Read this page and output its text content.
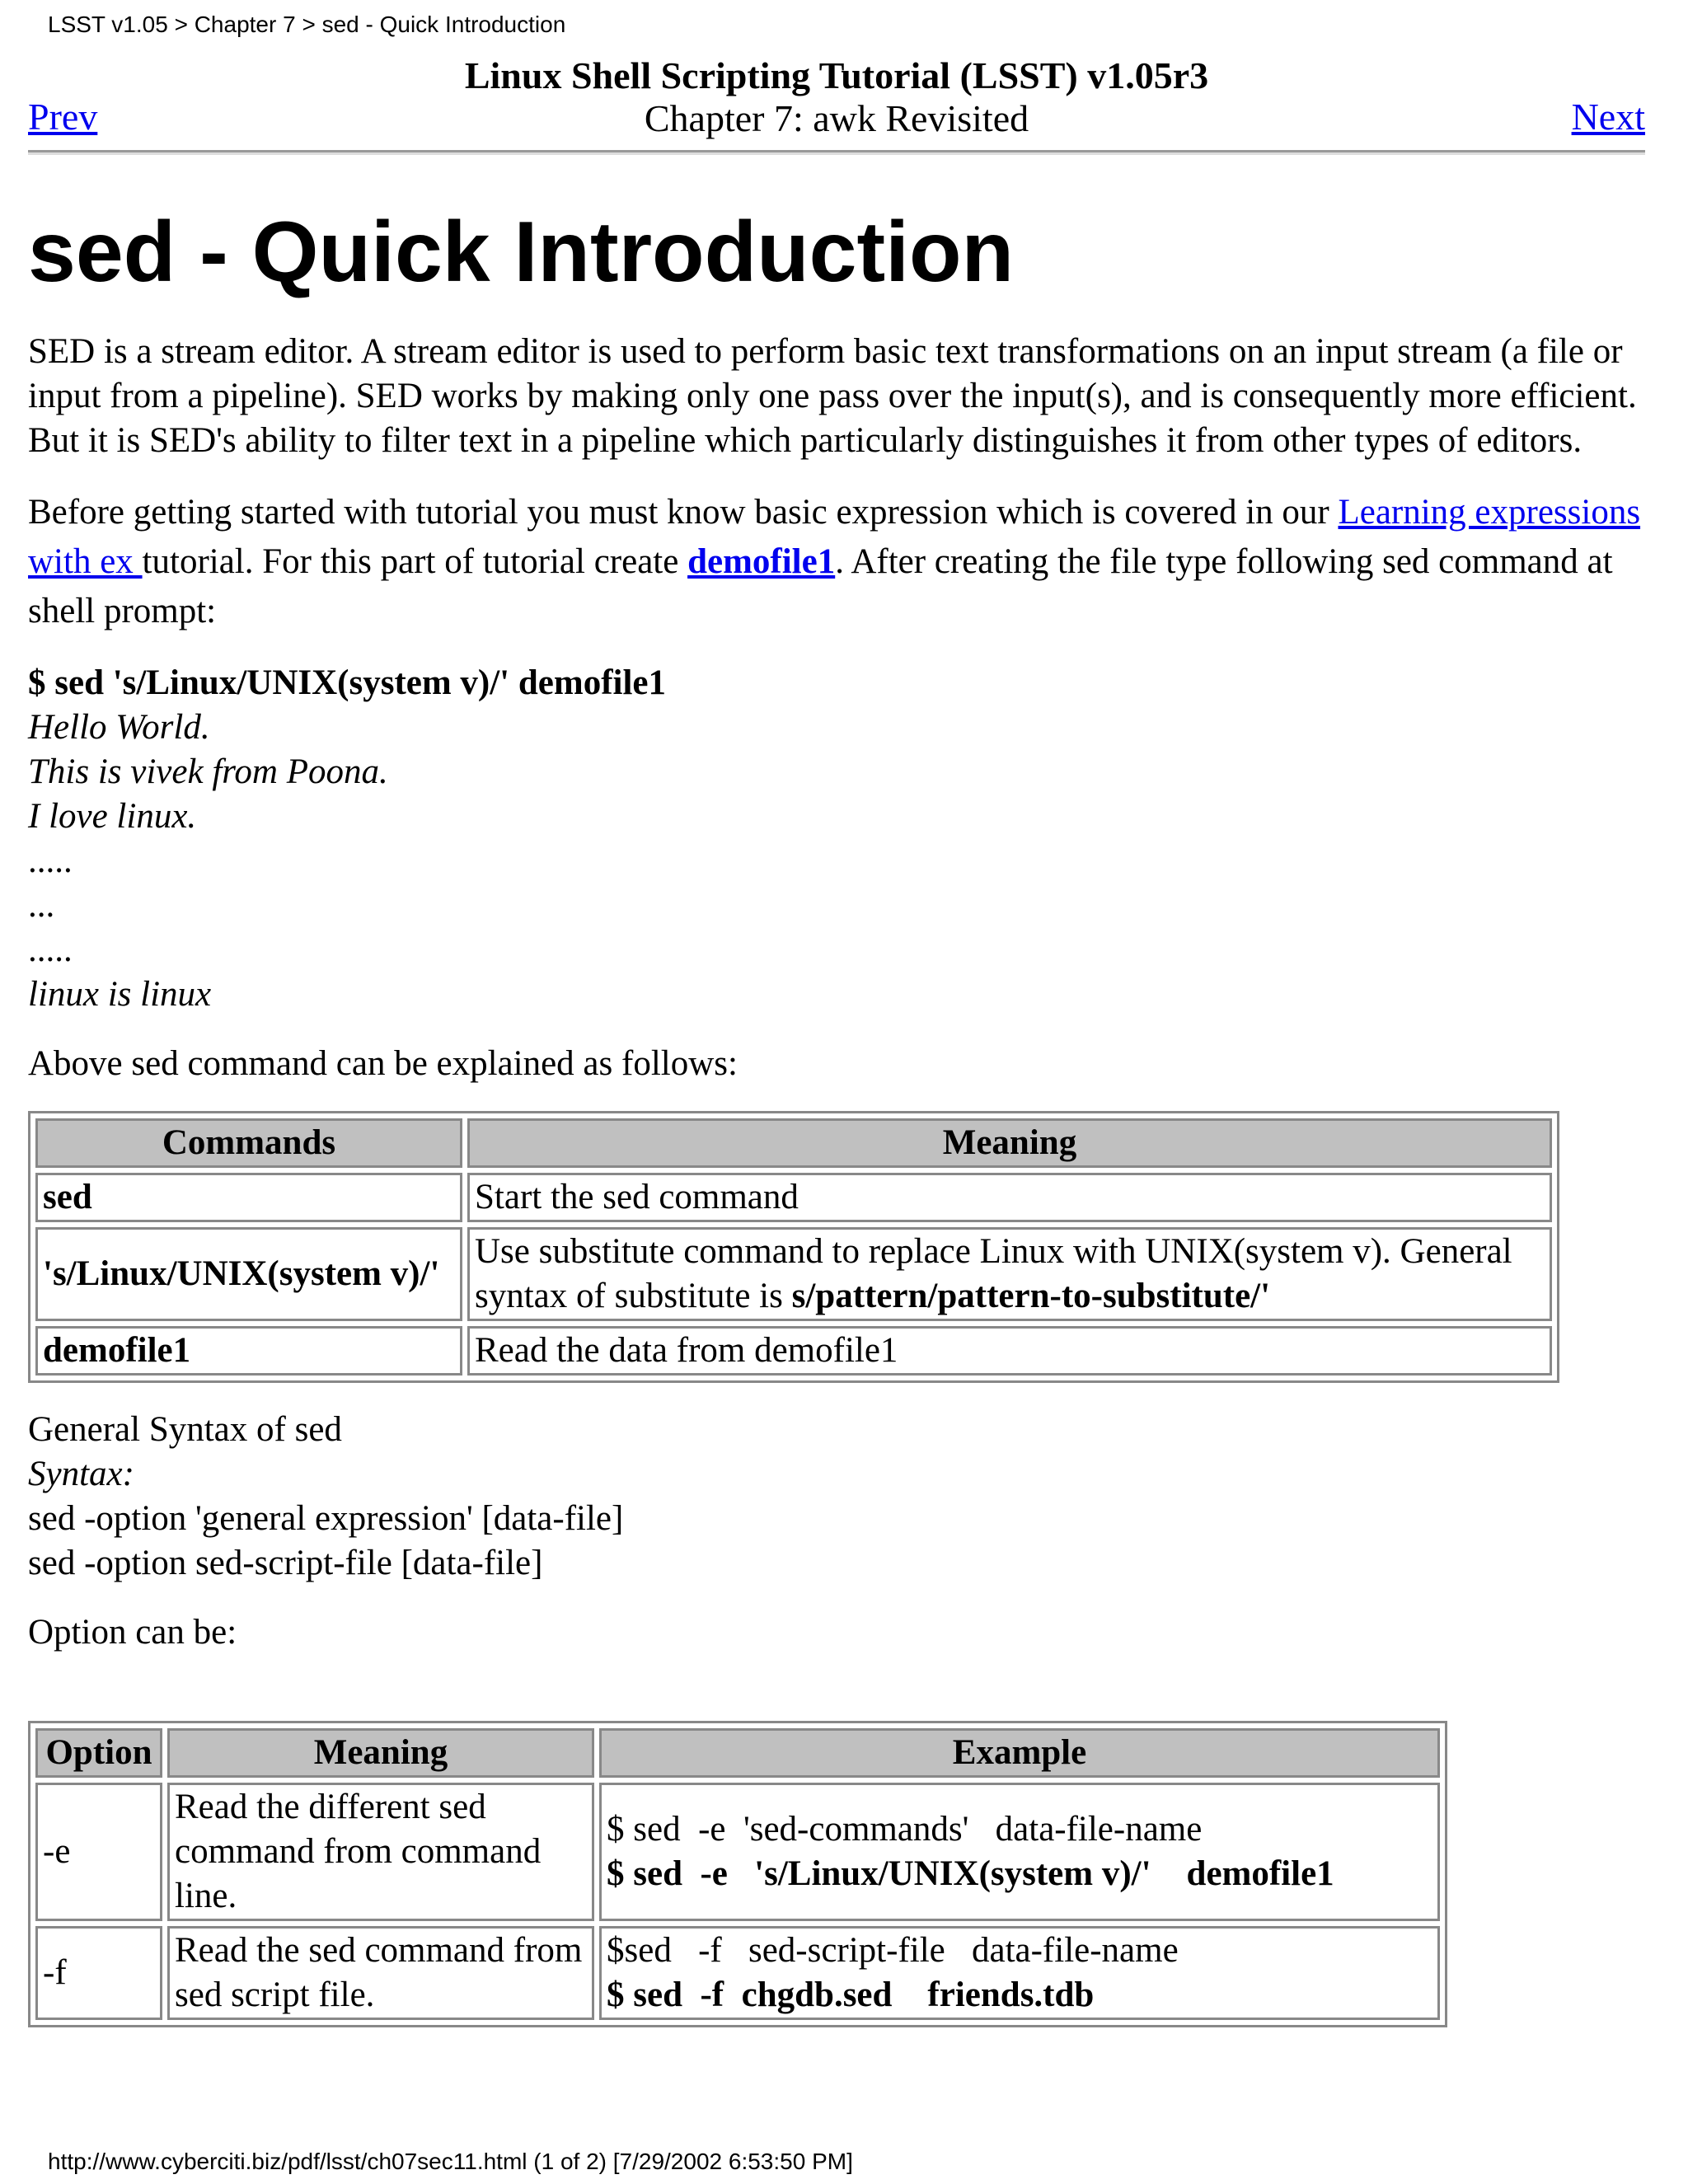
LSST v1.05 > Chapter 7 > sed - Quick Introduction
Linux Shell Scripting Tutorial (LSST) v1.05r3
Chapter 7: awk Revisited
Prev	Next
sed - Quick Introduction

SED is a stream editor. A stream editor is used to perform basic text transformations on an input stream (a file or input from a pipeline). SED works by making only one pass over the input(s), and is consequently more efficient. But it is SED's ability to filter text in a pipeline which particularly distinguishes it from other types of editors.

Before getting started with tutorial you must know basic expression which is covered in our Learning expressions with ex tutorial. For this part of tutorial create demofile1. After creating the file type following sed command at shell prompt:

$ sed 's/Linux/UNIX(system v)/' demofile1
Hello World.
This is vivek from Poona.
I love linux.
.....
...
.....
linux is linux

Above sed command can be explained as follows:

Commands	Meaning
sed	Start the sed command
's/Linux/UNIX(system v)/'	Use substitute command to replace Linux with UNIX(system v). General syntax of substitute is s/pattern/pattern-to-substitute/'
demofile1	Read the data from demofile1
General Syntax of sed
Syntax:
sed -option 'general expression' [data-file]
sed -option sed-script-file [data-file]

Option can be:

Option	Meaning	Example
-e	Read the different sed command from command line.	$ sed  -e  'sed-commands'   data-file-name
$ sed  -e   's/Linux/UNIX(system v)/'    demofile1

-f	Read the sed command from sed script file.	$sed   -f   sed-script-file   data-file-name
$ sed  -f  chgdb.sed    friends.tdb
http://www.cyberciti.biz/pdf/lsst/ch07sec11.html (1 of 2) [7/29/2002 6:53:50 PM]
